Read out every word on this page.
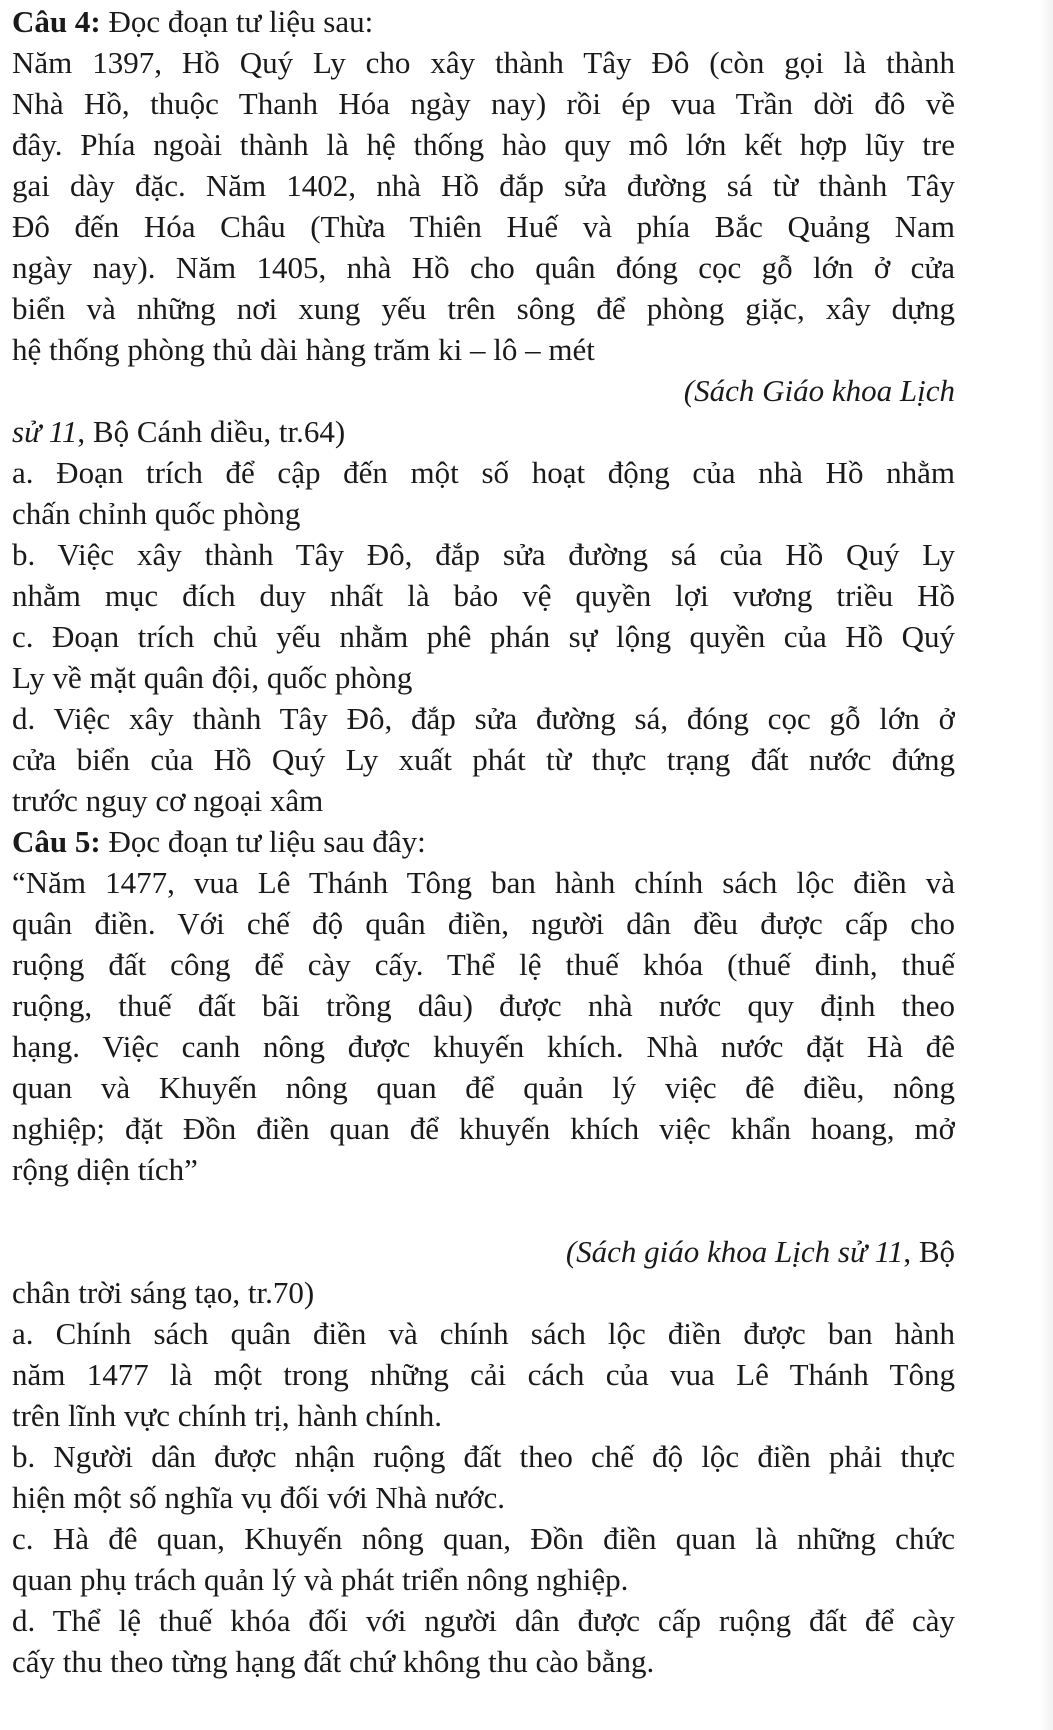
Câu 4: Đọc đoạn tư liệu sau:
Năm 1397, Hồ Quý Ly cho xây thành Tây Đô (còn gọi là thành
Nhà Hồ, thuộc Thanh Hóa ngày nay) rồi ép vua Trần dời đô về
đây. Phía ngoài thành là hệ thống hào quy mô lớn kết hợp lũy tre
gai dày đặc. Năm 1402, nhà Hồ đắp sửa đường sá từ thành Tây
Đô đến Hóa Châu (Thừa Thiên Huế và phía Bắc Quảng Nam
ngày nay). Năm 1405, nhà Hồ cho quân đóng cọc gỗ lớn ở cửa
biển và những nơi xung yếu trên sông để phòng giặc, xây dựng
hệ thống phòng thủ dài hàng trăm ki – lô – mét
(Sách Giáo khoa Lịch
sử 11, Bộ Cánh diều, tr.64)
a. Đoạn trích để cập đến một số hoạt động của nhà Hồ nhằm
chấn chỉnh quốc phòng
b. Việc xây thành Tây Đô, đắp sửa đường sá của Hồ Quý Ly
nhằm mục đích duy nhất là bảo vệ quyền lợi vương triều Hồ
c. Đoạn trích chủ yếu nhằm phê phán sự lộng quyền của Hồ Quý
Ly về mặt quân đội, quốc phòng
d. Việc xây thành Tây Đô, đắp sửa đường sá, đóng cọc gỗ lớn ở
cửa biển của Hồ Quý Ly xuất phát từ thực trạng đất nước đứng
trước nguy cơ ngoại xâm
Câu 5: Đọc đoạn tư liệu sau đây:
“Năm 1477, vua Lê Thánh Tông ban hành chính sách lộc điền và
quân điền. Với chế độ quân điền, người dân đều được cấp cho
ruộng đất công để cày cấy. Thể lệ thuế khóa (thuế đinh, thuế
ruộng, thuế đất bãi trồng dâu) được nhà nước quy định theo
hạng. Việc canh nông được khuyến khích. Nhà nước đặt Hà đê
quan và Khuyến nông quan để quản lý việc đê điều, nông
nghiệp; đặt Đồn điền quan để khuyến khích việc khẩn hoang, mở
rộng diện tích”
(Sách giáo khoa Lịch sử 11, Bộ
chân trời sáng tạo, tr.70)
a. Chính sách quân điền và chính sách lộc điền được ban hành
năm 1477 là một trong những cải cách của vua Lê Thánh Tông
trên lĩnh vực chính trị, hành chính.
b. Người dân được nhận ruộng đất theo chế độ lộc điền phải thực
hiện một số nghĩa vụ đối với Nhà nước.
c. Hà đê quan, Khuyến nông quan, Đồn điền quan là những chức
quan phụ trách quản lý và phát triển nông nghiệp.
d. Thể lệ thuế khóa đối với người dân được cấp ruộng đất để cày
cấy thu theo từng hạng đất chứ không thu cào bằng.
